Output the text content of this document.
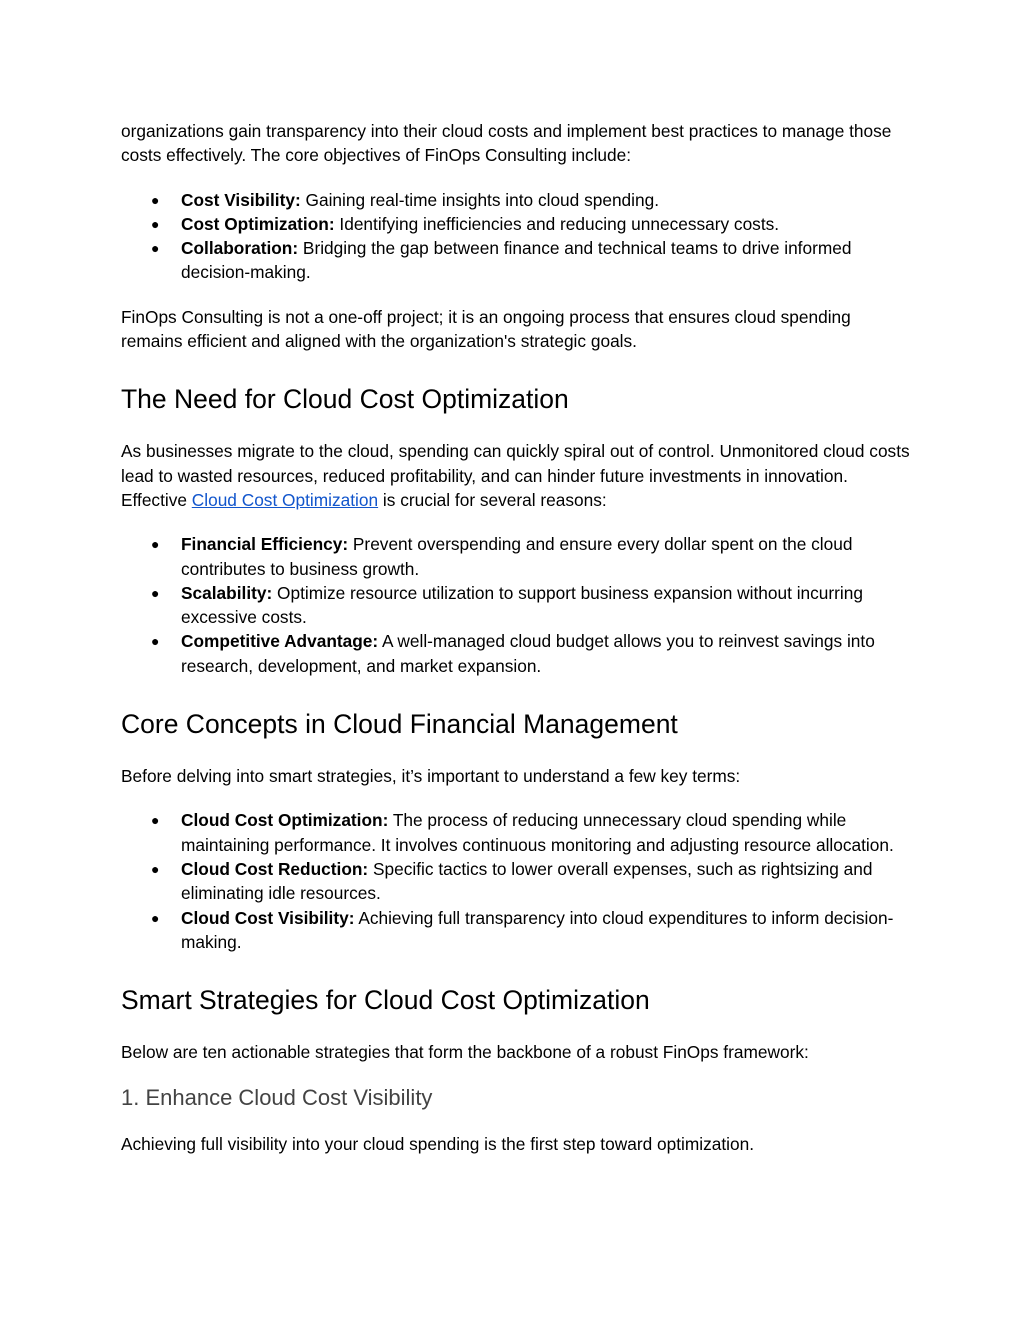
organizations gain transparency into their cloud costs and implement best practices to manage those costs effectively. The core objectives of FinOps Consulting include:

● Cost Visibility: Gaining real-time insights into cloud spending.
● Cost Optimization: Identifying inefficiencies and reducing unnecessary costs.
● Collaboration: Bridging the gap between finance and technical teams to drive informed decision-making.

FinOps Consulting is not a one-off project; it is an ongoing process that ensures cloud spending remains efficient and aligned with the organization's strategic goals.

The Need for Cloud Cost Optimization

As businesses migrate to the cloud, spending can quickly spiral out of control. Unmonitored cloud costs lead to wasted resources, reduced profitability, and can hinder future investments in innovation. Effective Cloud Cost Optimization is crucial for several reasons:

● Financial Efficiency: Prevent overspending and ensure every dollar spent on the cloud contributes to business growth.
● Scalability: Optimize resource utilization to support business expansion without incurring excessive costs.
● Competitive Advantage: A well-managed cloud budget allows you to reinvest savings into research, development, and market expansion.
Core Concepts in Cloud Financial Management

Before delving into smart strategies, it’s important to understand a few key terms:

● Cloud Cost Optimization: The process of reducing unnecessary cloud spending while maintaining performance. It involves continuous monitoring and adjusting resource allocation.
● Cloud Cost Reduction: Specific tactics to lower overall expenses, such as rightsizing and eliminating idle resources.
● Cloud Cost Visibility: Achieving full transparency into cloud expenditures to inform decision-making.
Smart Strategies for Cloud Cost Optimization

Below are ten actionable strategies that form the backbone of a robust FinOps framework:

1. Enhance Cloud Cost Visibility

Achieving full visibility into your cloud spending is the first step toward optimization.
